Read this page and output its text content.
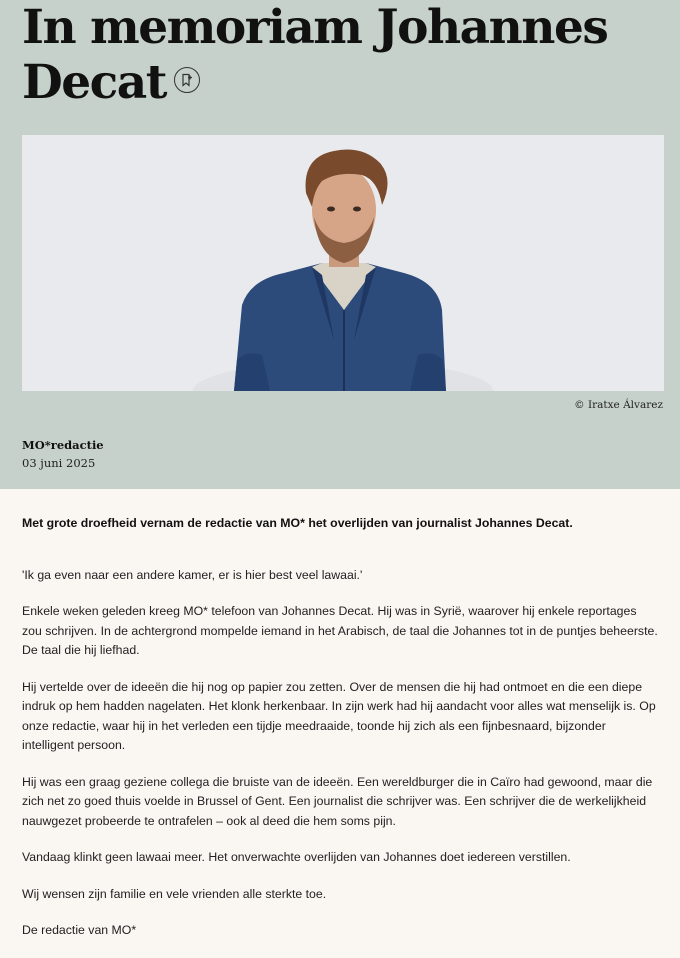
In memoriam Johannes
Decat
© Iratxe Álvarez
MO*redactie
03 juni 2025

Met grote droefheid vernam de redactie van MO* het overlijden van journalist Johannes Decat.

'Ik ga even naar een andere kamer, er is hier best veel lawaai.'

Enkele weken geleden kreeg MO* telefoon van Johannes Decat. Hij was in Syrië, waarover hij enkele reportages zou schrijven. In de achtergrond mompelde iemand in het Arabisch, de taal die Johannes tot in de puntjes beheerste. De taal die hij liefhad.

Hij vertelde over de ideeën die hij nog op papier zou zetten. Over de mensen die hij had ontmoet en die een diepe indruk op hem hadden nagelaten. Het klonk herkenbaar. In zijn werk had hij aandacht voor alles wat menselijk is. Op onze redactie, waar hij in het verleden een tijdje meedraaide, toonde hij zich als een fijnbesnaard, bijzonder intelligent persoon.

Hij was een graag geziene collega die bruiste van de ideeën. Een wereldburger die in Caïro had gewoond, maar die zich net zo goed thuis voelde in Brussel of Gent. Een journalist die schrijver was. Een schrijver die de werkelijkheid nauwgezet probeerde te ontrafelen – ook al deed die hem soms pijn.

Vandaag klinkt geen lawaai meer. Het onverwachte overlijden van Johannes doet iedereen verstillen.

Wij wensen zijn familie en vele vrienden alle sterkte toe.

De redactie van MO*
